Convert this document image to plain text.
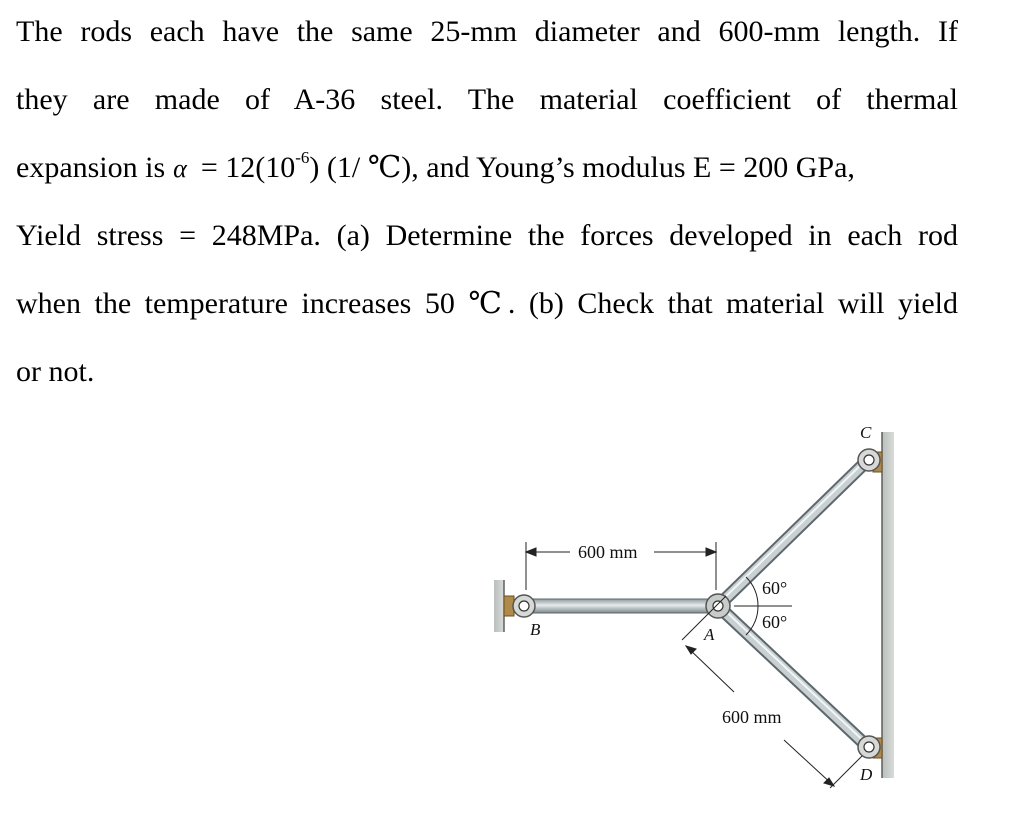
The rods each have the same 25-mm diameter and 600-mm length. If
they are made of A-36 steel. The material coefficient of thermal
expansion is $\alpha = 12(10^{-6})$ (1/ ℃), and Young’s modulus E = 200 GPa,
Yield stress = 248MPa. (a) Determine the forces developed in each rod
when the temperature increases 50 ℃. (b) Check that material will yield
or not.
600 mm
60°
60°
600 mm
A
B
C
D
